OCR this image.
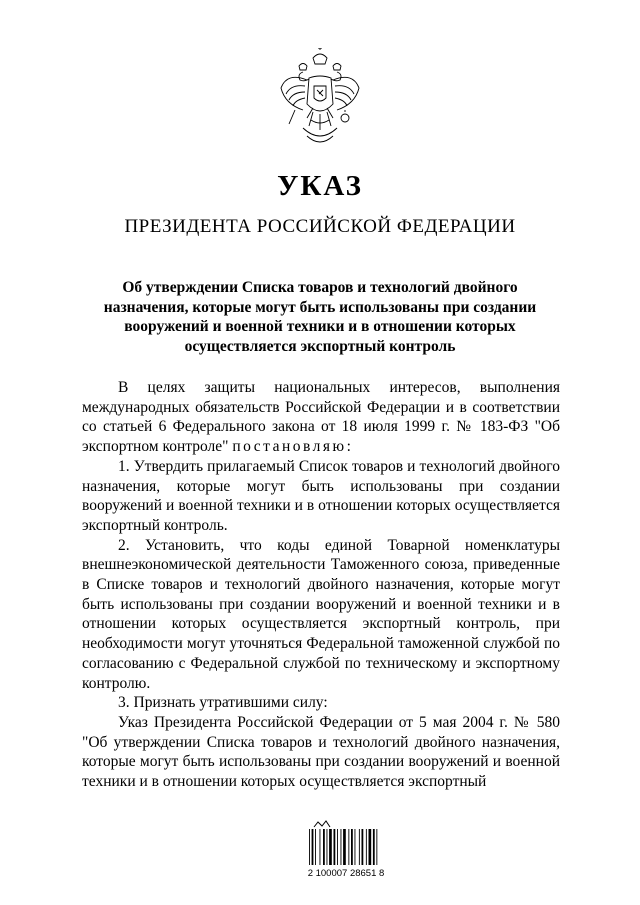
УКАЗ
ПРЕЗИДЕНТА РОССИЙСКОЙ ФЕДЕРАЦИИ
Об утверждении Списка товаров и технологий двойного
назначения, которые могут быть использованы при создании
вооружений и военной техники и в отношении которых
осуществляется экспортный контроль

В целях защиты национальных интересов, выполнения международных обязательств Российской Федерации и в соответствии со статьей 6 Федерального закона от 18 июля 1999 г. № 183-ФЗ "Об экспортном контроле" постановляю:

1. Утвердить прилагаемый Список товаров и технологий двойного назначения, которые могут быть использованы при создании вооружений и военной техники и в отношении которых осуществляется экспортный контроль.

2. Установить, что коды единой Товарной номенклатуры внешнеэкономической деятельности Таможенного союза, приведенные в Списке товаров и технологий двойного назначения, которые могут быть использованы при создании вооружений и военной техники и в отношении которых осуществляется экспортный контроль, при необходимости могут уточняться Федеральной таможенной службой по согласованию с Федеральной службой по техническому и экспортному контролю.

3. Признать утратившими силу:

Указ Президента Российской Федерации от 5 мая 2004 г. № 580 "Об утверждении Списка товаров и технологий двойного назначения, которые могут быть использованы при создании вооружений и военной техники и в отношении которых осуществляется экспортный

2 100007 28651 8
